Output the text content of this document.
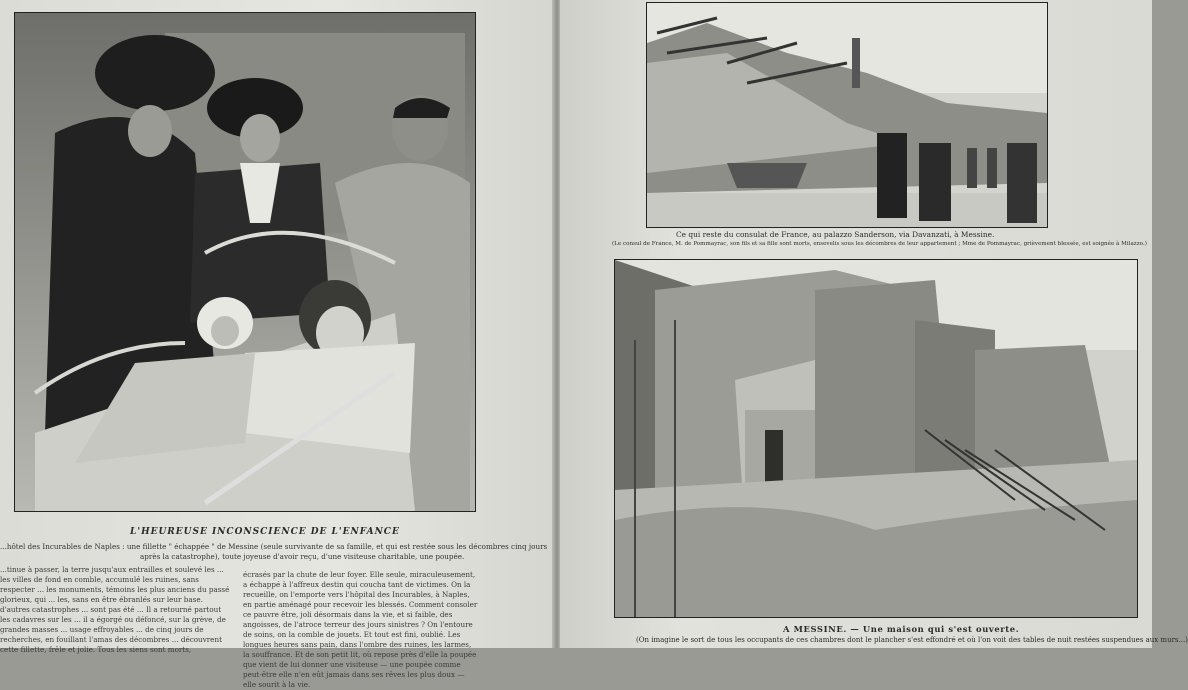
L'HEUREUSE INCONSCIENCE DE L'ENFANCE
...hôtel des Incurables de Naples : une fillette " échappée " de Messine (seule survivante de sa famille, et qui est restée sous les décombres cinq jours
après la catastrophe), toute joyeuse d'avoir reçu, d'une visiteuse charitable, une poupée.
...tinue à passer, la terre jusqu'aux entrailles et soulevé les ... les villes de fond en comble, accumulé les ruines, sans respecter ... les monuments, témoins les plus anciens du passé glorieux, qui ... les, sans en être ébranlés sur leur base. d'autres catastrophes ... sont pas été ... Il a retourné partout les cadavres sur les ... il a égorgé ou défoncé, sur la grève, de grandes masses ... usage effroyables ... de cinq jours de recherches, en fouillant l'amas des décombres ... découvrent cette fillette, frêle et jolie. Tous les siens sont morts,
écrasés par la chute de leur foyer. Elle seule, miraculeusement, a échappé à l'affreux destin qui coucha tant de victimes. On la recueille, on l'emporte vers l'hôpital des Incurables, à Naples, en partie aménagé pour recevoir les blessés. Comment consoler ce pauvre être, joli désormais dans la vie, et si faible, des angoisses, de l'atroce terreur des jours sinistres ? On l'entoure de soins, on la comble de jouets. Et tout est fini, oublié. Les longues heures sans pain, dans l'ombre des ruines, les larmes, la souffrance. Et de son petit lit, où repose près d'elle la poupée que vient de lui donner une visiteuse — une poupée comme peut-être elle n'en eût jamais dans ses rêves les plus doux — elle sourit à la vie.
Ce qui reste du consulat de France, au palazzo Sanderson, via Davanzati, à Messine.
(Le consul de France, M. de Pommayrac, son fils et sa fille sont morts, ensevelis sous les décombres de leur appartement ; Mme de Pommayrac, grièvement blessée, est soignée à Milazzo.)
A MESSINE. — Une maison qui s'est ouverte.
(On imagine le sort de tous les occupants de ces chambres dont le plancher s'est effondré et où l'on voit des tables de nuit restées suspendues aux murs...)
